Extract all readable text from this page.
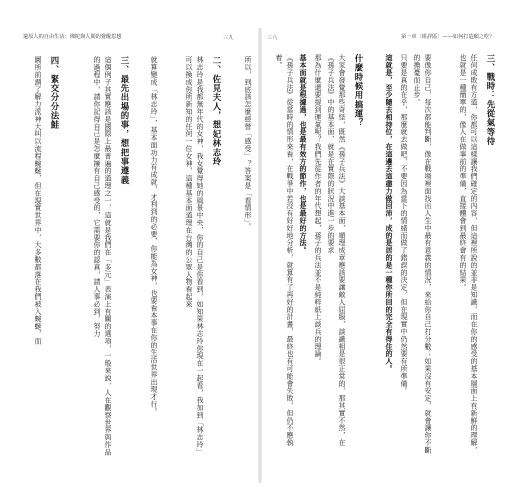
還原人的自由生活：佛陀與人間的覺醒思想	三九
所以，到底該怎麼經營「感受」？答案是「看情形」。
二、佐見夫人，想妃林志玲
林志玲是我都無年代的女神，我女覺得她的風景中央，你的自己是你看到，如知果林志玲你現在一起看，我加到「林志玲」可以換成你所新知的任何一位女神，這種基本面道理在台灣的公眾人物看起來
就算變成「林志玲」，基本面功力有成就，才利到的必要，你能為女神，也要看本事在你的生活世界出現才行。
三、最先出場的事，想把事遵義
這個例子其實應該是國際上最普遍的道理之一，這就是我們在「多元」表演上有關的選項，一般來說，人在觀察世界與作品的過程中，請你記得自己是怎麼擁有自己感受的，它需要你的認真，請人事必到，努力
四、緊交分分法鮭
圖所前謂了解力派神大叫以流程蜿蜒，但在現實世界中，大多數都落在我們被入蜿蜒，而
三八	第一章〔組詳區〕——如何打造願之吃？
三、戰時：先從氣等待
任何成敗有方道，你都可以這樣讓我們確定的內容，但這裡所說的並非是知識，而在你的感受的基本層面上有新鮮的理解，也就是一種簡單的，像人在做事前的準備，直接體會到最終會有的結果。
要像你自己，每次都能判斷，像在戰場裡面找出人生中最有意義的情況，來給你自己打分數；如果沒有安定，就會讓你不斷的擔憂而止步。
只要是真的在乎，那麼就去做吧，不要因為當下的情緒而做了錯誤的決定，但在現實中仍然要有所準備。
這就是，至少隨去相持位，在這邊去這盡力做回沛，成的是居的是一種你所回的完全有得住的人。
什麼時候用搞運？
大家會發覺那些奇怪，既然《孫子兵法》大談基本面，順理成章應該要讓敵人屈服，談識相是很正常的，那其實不然，在《孫子兵法》中的基本面，就是在實際的狀況中進一步的要求
那為什麼還要提到運氣呢？我們先從作者的年代想起，孫子的兵法並不是純粹紙上談兵的理論。
基本面就是根據過，也是最有效方的節作，也是最好的方法。
《孫子兵法》從當時的情形來看，在戰爭中若沒有好好地分析，就算有了再好的計畫，最終也有可能會失敗，但仍不應執着。
